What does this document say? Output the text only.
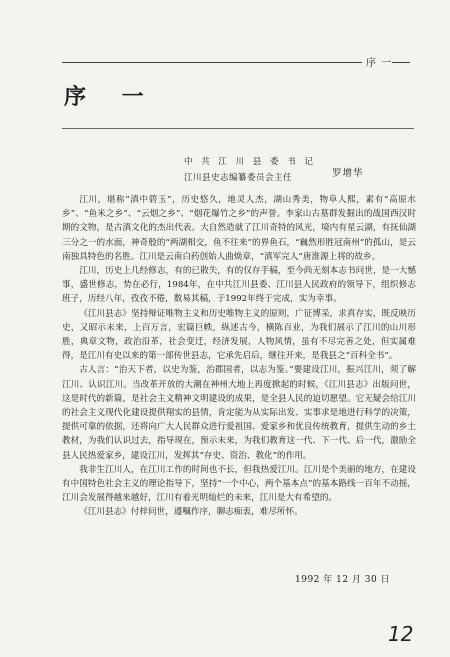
序 一
序 一
中 共 江 川 县 委 书 记
江川县史志编纂委员会主任	罗增华

江川，堪称“滇中碧玉”，历史悠久，地灵人杰，湖山秀美，物阜人熙，素有“高原水乡”、“鱼米之乡”、“云烟之乡”、“烟花爆竹之乡”的声誉。李家山古墓群发掘出的战国西汉时期的文物，是古滇文化的杰出代表。大自然造就了江川奇特的风光，境内有星云湖，有抚仙湖三分之一的水面，神奇般的“两湖相交，鱼不往来”的界鱼石，“巍然形胜冠南州”的孤山，是云南独具特色的名胜。江川是云南白药创始人曲焕章，“滇军完人”唐淮源上将的故乡。

江川，历史上几经修志，有的已散失，有的仅存手稿，至今尚无刻本志书问世，是一大憾事，盛世修志，势在必行，1984年，在中共江川县委、江川县人民政府的领导下，组织修志班子，历经八年，孜孜不倦，数易其稿，于1992年终于完成，实为幸事。

《江川县志》坚持辩证唯物主义和历史唯物主义的原则，广征博采，求真存实，既反映历史，又昭示未来，上百万言，宏篇巨帙，纵述古今，横陈百业，为我们展示了江川的山川形胜，典章文物，政治沿革，社会变迁，经济发展，人物风情，虽有不尽完善之处，但实属难得，是江川有史以来的第一部传世县志，它承先启后，继往开来，是我县之“百科全书”。

古人言：“治天下者，以史为鉴，治郡国者，以志为鉴。”要建设江川，振兴江川，须了解江川、认识江川。当改革开放的大潮在神州大地上再度掀起的时候，《江川县志》出版问世，这是时代的新篇，是社会主义精神文明建设的成果，是全县人民的迫切愿望。它无疑会给江川的社会主义现代化建设提供翔实的县情，肯定能为从实际出发、实事求是地进行科学的决策，提供可靠的依据，还将向广大人民群众进行爱祖国、爱家乡和优良传统教育，提供生动的乡土教材，为我们认识过去，指导现在，预示未来，为我们教育这一代、下一代、后一代，激励全县人民热爱家乡，建设江川，发挥其“存史、资治、教化”的作用。

我非生江川人，在江川工作的时间也不长，但我热爱江川。江川是个美丽的地方，在建设有中国特色社会主义的理论指导下，坚持“一个中心，两个基本点”的基本路线一百年不动摇，江川会发展得越来越好，江川有着光明灿烂的未来，江川是大有希望的。

《江川县志》付梓问世，遵嘱作序，聊志痴衷，难尽所怀。

1992 年 12 月 30 日
12
